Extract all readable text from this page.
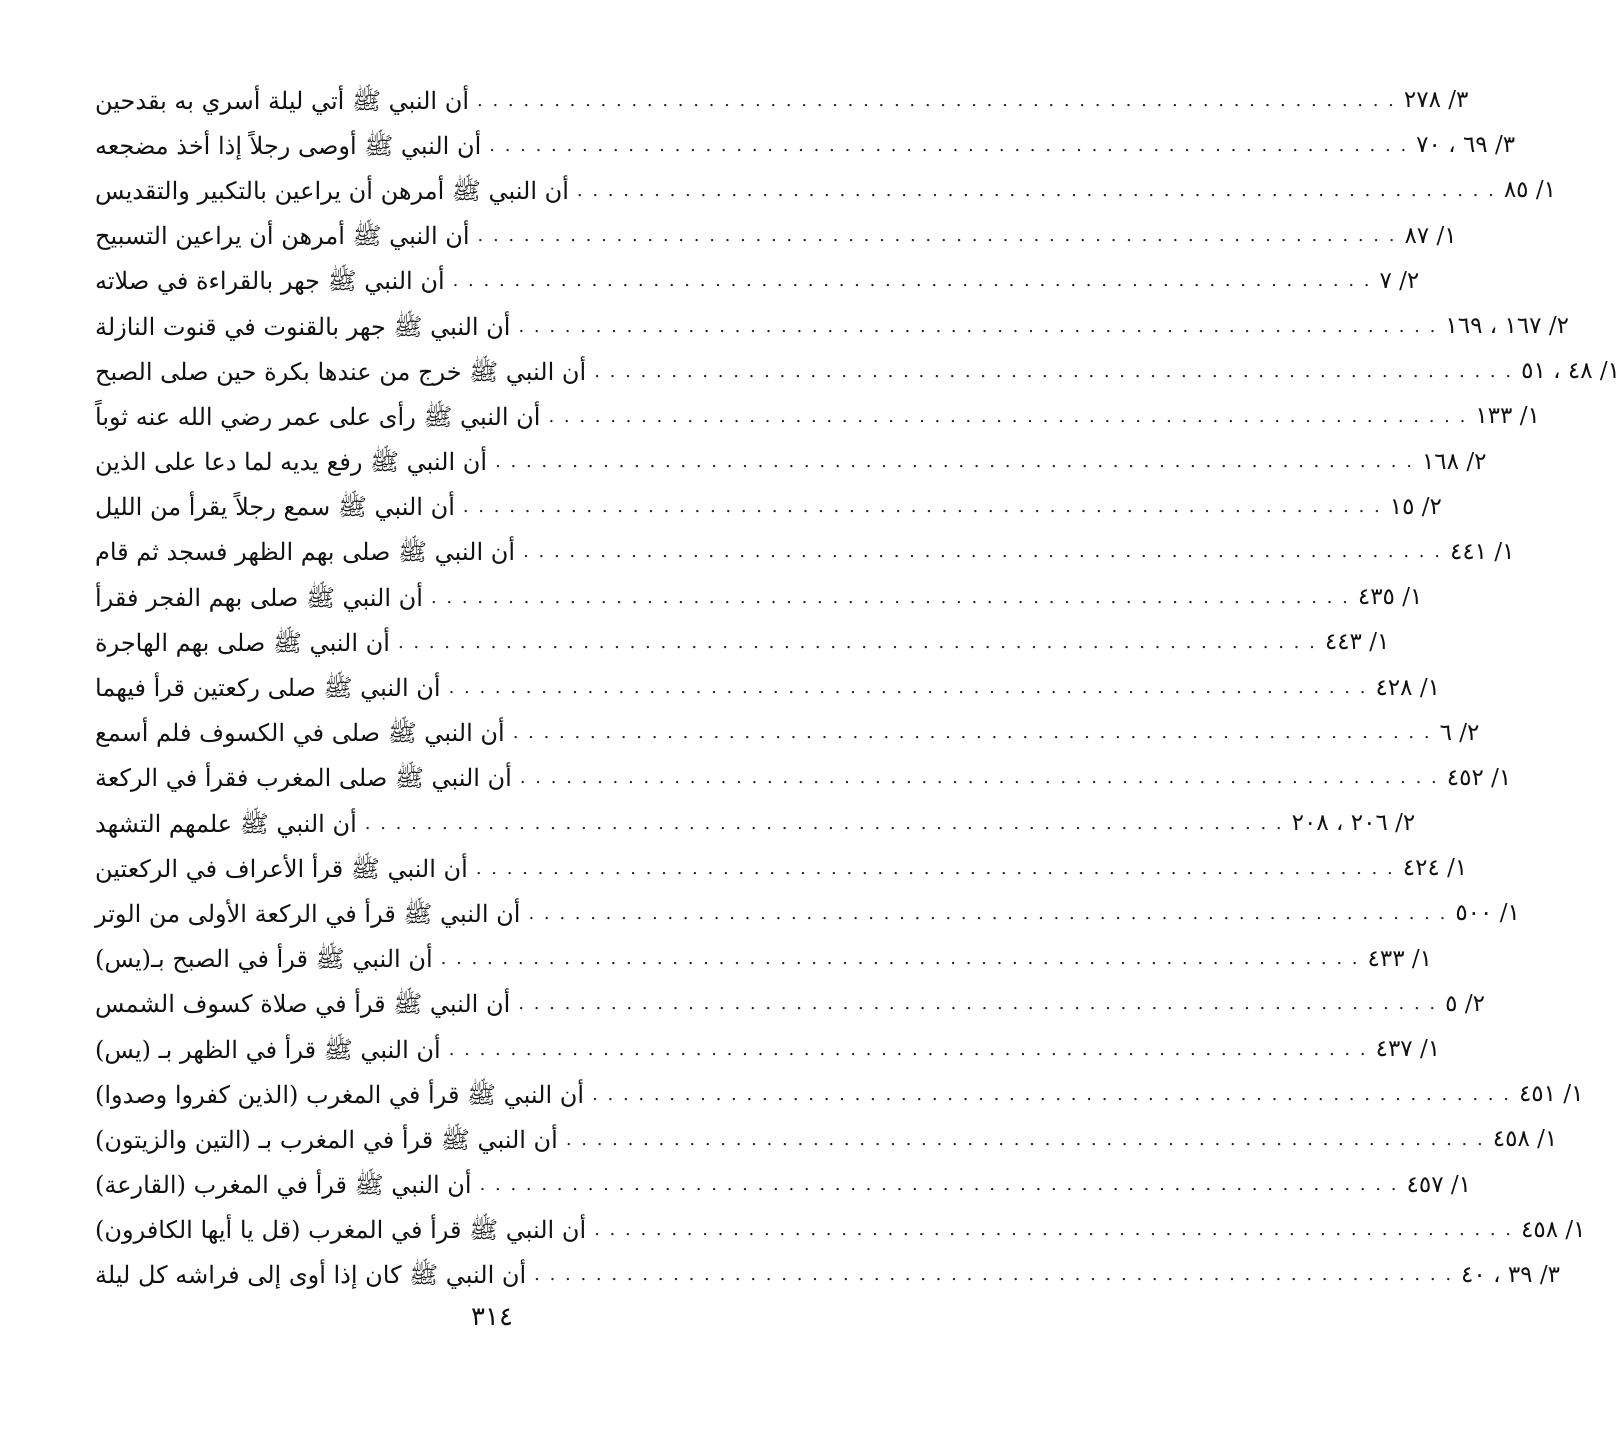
أن النبي ﷺ أتي ليلة أسري به بقدحين . . . . . . . . . . . . . . . . . . . . . . . . . . . . . . . . . . . . . . . . . . . . . . . . . . . . . . . . . . . . ٣/ ٢٧٨
أن النبي ﷺ أوصى رجلاً إذا أخذ مضجعه . . . . . . . . . . . . . . . . . . . . . . . . . . . . . . . . . . . . . . . . . . . . . . . . . . . . . . . . . . . . ٣/ ٦٩ ، ٧٠
أن النبي ﷺ أمرهن أن يراعين بالتكبير والتقديس . . . . . . . . . . . . . . . . . . . . . . . . . . . . . . . . . . . . . . . . . . . . . . . . . . . . . . . . . . . . ١/ ٨٥
أن النبي ﷺ أمرهن أن يراعين التسبيح . . . . . . . . . . . . . . . . . . . . . . . . . . . . . . . . . . . . . . . . . . . . . . . . . . . . . . . . . . . . ١/ ٨٧
أن النبي ﷺ جهر بالقراءة في صلاته . . . . . . . . . . . . . . . . . . . . . . . . . . . . . . . . . . . . . . . . . . . . . . . . . . . . . . . . . . . . ٢/ ٧
أن النبي ﷺ جهر بالقنوت في قنوت النازلة . . . . . . . . . . . . . . . . . . . . . . . . . . . . . . . . . . . . . . . . . . . . . . . . . . . . . . . . . . . . ٢/ ١٦٧ ، ١٦٩
أن النبي ﷺ خرج من عندها بكرة حين صلى الصبح . . . . . . . . . . . . . . . . . . . . . . . . . . . . . . . . . . . . . . . . . . . . . . . . . . . . . . . . . . . . ١/ ٤٨ ، ٥١
أن النبي ﷺ رأى على عمر رضي الله عنه ثوباً . . . . . . . . . . . . . . . . . . . . . . . . . . . . . . . . . . . . . . . . . . . . . . . . . . . . . . . . . . . . ١/ ١٣٣
أن النبي ﷺ رفع يديه لما دعا على الذين . . . . . . . . . . . . . . . . . . . . . . . . . . . . . . . . . . . . . . . . . . . . . . . . . . . . . . . . . . . . ٢/ ١٦٨
أن النبي ﷺ سمع رجلاً يقرأ من الليل . . . . . . . . . . . . . . . . . . . . . . . . . . . . . . . . . . . . . . . . . . . . . . . . . . . . . . . . . . . . ٢/ ١٥
أن النبي ﷺ صلى بهم الظهر فسجد ثم قام . . . . . . . . . . . . . . . . . . . . . . . . . . . . . . . . . . . . . . . . . . . . . . . . . . . . . . . . . . . . ١/ ٤٤١
أن النبي ﷺ صلى بهم الفجر فقرأ . . . . . . . . . . . . . . . . . . . . . . . . . . . . . . . . . . . . . . . . . . . . . . . . . . . . . . . . . . . . ١/ ٤٣٥
أن النبي ﷺ صلى بهم الهاجرة . . . . . . . . . . . . . . . . . . . . . . . . . . . . . . . . . . . . . . . . . . . . . . . . . . . . . . . . . . . . ١/ ٤٤٣
أن النبي ﷺ صلى ركعتين قرأ فيهما . . . . . . . . . . . . . . . . . . . . . . . . . . . . . . . . . . . . . . . . . . . . . . . . . . . . . . . . . . . . ١/ ٤٢٨
أن النبي ﷺ صلى في الكسوف فلم أسمع . . . . . . . . . . . . . . . . . . . . . . . . . . . . . . . . . . . . . . . . . . . . . . . . . . . . . . . . . . . . ٢/ ٦
أن النبي ﷺ صلى المغرب فقرأ في الركعة . . . . . . . . . . . . . . . . . . . . . . . . . . . . . . . . . . . . . . . . . . . . . . . . . . . . . . . . . . . . ١/ ٤٥٢
أن النبي ﷺ علمهم التشهد . . . . . . . . . . . . . . . . . . . . . . . . . . . . . . . . . . . . . . . . . . . . . . . . . . . . . . . . . . . . ٢/ ٢٠٦ ، ٢٠٨
أن النبي ﷺ قرأ الأعراف في الركعتين . . . . . . . . . . . . . . . . . . . . . . . . . . . . . . . . . . . . . . . . . . . . . . . . . . . . . . . . . . . . ١/ ٤٢٤
أن النبي ﷺ قرأ في الركعة الأولى من الوتر . . . . . . . . . . . . . . . . . . . . . . . . . . . . . . . . . . . . . . . . . . . . . . . . . . . . . . . . . . . . ١/ ٥٠٠
أن النبي ﷺ قرأ في الصبح بـ(يس) . . . . . . . . . . . . . . . . . . . . . . . . . . . . . . . . . . . . . . . . . . . . . . . . . . . . . . . . . . . . ١/ ٤٣٣
أن النبي ﷺ قرأ في صلاة كسوف الشمس . . . . . . . . . . . . . . . . . . . . . . . . . . . . . . . . . . . . . . . . . . . . . . . . . . . . . . . . . . . . ٢/ ٥
أن النبي ﷺ قرأ في الظهر بـ (يس) . . . . . . . . . . . . . . . . . . . . . . . . . . . . . . . . . . . . . . . . . . . . . . . . . . . . . . . . . . . . ١/ ٤٣٧
أن النبي ﷺ قرأ في المغرب (الذين كفروا وصدوا) . . . . . . . . . . . . . . . . . . . . . . . . . . . . . . . . . . . . . . . . . . . . . . . . . . . . . . . . . . . . ١/ ٤٥١
أن النبي ﷺ قرأ في المغرب بـ (التين والزيتون) . . . . . . . . . . . . . . . . . . . . . . . . . . . . . . . . . . . . . . . . . . . . . . . . . . . . . . . . . . . . ١/ ٤٥٨
أن النبي ﷺ قرأ في المغرب (القارعة) . . . . . . . . . . . . . . . . . . . . . . . . . . . . . . . . . . . . . . . . . . . . . . . . . . . . . . . . . . . . ١/ ٤٥٧
أن النبي ﷺ قرأ في المغرب (قل يا أيها الكافرون) . . . . . . . . . . . . . . . . . . . . . . . . . . . . . . . . . . . . . . . . . . . . . . . . . . . . . . . . . . . . ١/ ٤٥٨
أن النبي ﷺ كان إذا أوى إلى فراشه كل ليلة . . . . . . . . . . . . . . . . . . . . . . . . . . . . . . . . . . . . . . . . . . . . . . . . . . . . . . . . . . . . ٣/ ٣٩ ، ٤٠
٣١٤
